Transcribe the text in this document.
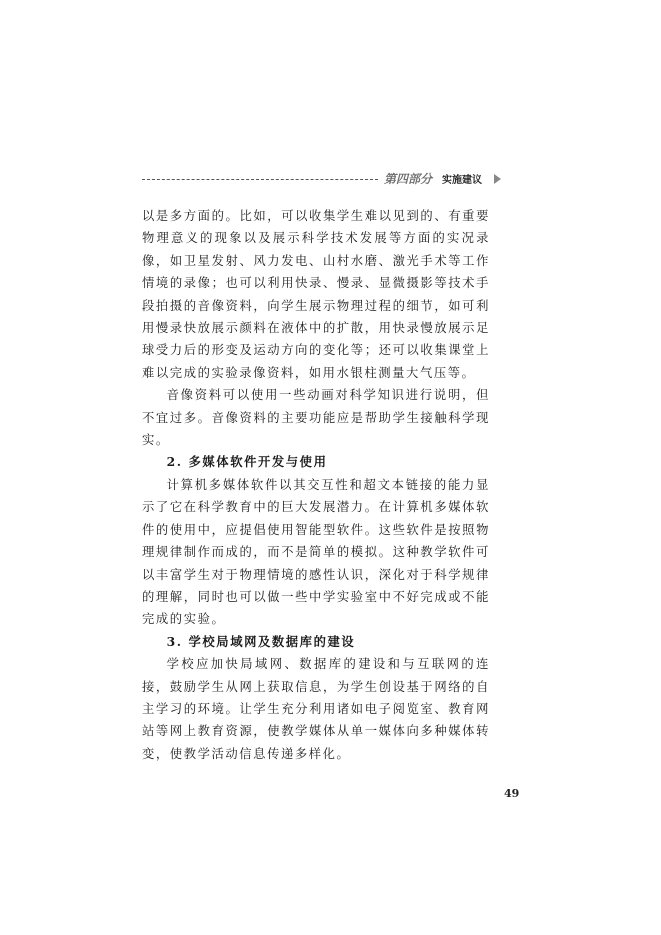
第四部分 实施建议

以是多方面的。比如，可以收集学生难以见到的、有重要物理意义的现象以及展示科学技术发展等方面的实况录像，如卫星发射、风力发电、山村水磨、激光手术等工作情境的录像；也可以利用快录、慢录、显微摄影等技术手段拍摄的音像资料，向学生展示物理过程的细节，如可利用慢录快放展示颜料在液体中的扩散，用快录慢放展示足球受力后的形变及运动方向的变化等；还可以收集课堂上难以完成的实验录像资料，如用水银柱测量大气压等。

音像资料可以使用一些动画对科学知识进行说明，但不宜过多。音像资料的主要功能应是帮助学生接触科学现实。

2. 多媒体软件开发与使用

计算机多媒体软件以其交互性和超文本链接的能力显示了它在科学教育中的巨大发展潜力。在计算机多媒体软件的使用中，应提倡使用智能型软件。这些软件是按照物理规律制作而成的，而不是简单的模拟。这种教学软件可以丰富学生对于物理情境的感性认识，深化对于科学规律的理解，同时也可以做一些中学实验室中不好完成或不能完成的实验。

3. 学校局域网及数据库的建设

学校应加快局域网、数据库的建设和与互联网的连接，鼓励学生从网上获取信息，为学生创设基于网络的自主学习的环境。让学生充分利用诸如电子阅览室、教育网站等网上教育资源，使教学媒体从单一媒体向多种媒体转变，使教学活动信息传递多样化。

49
